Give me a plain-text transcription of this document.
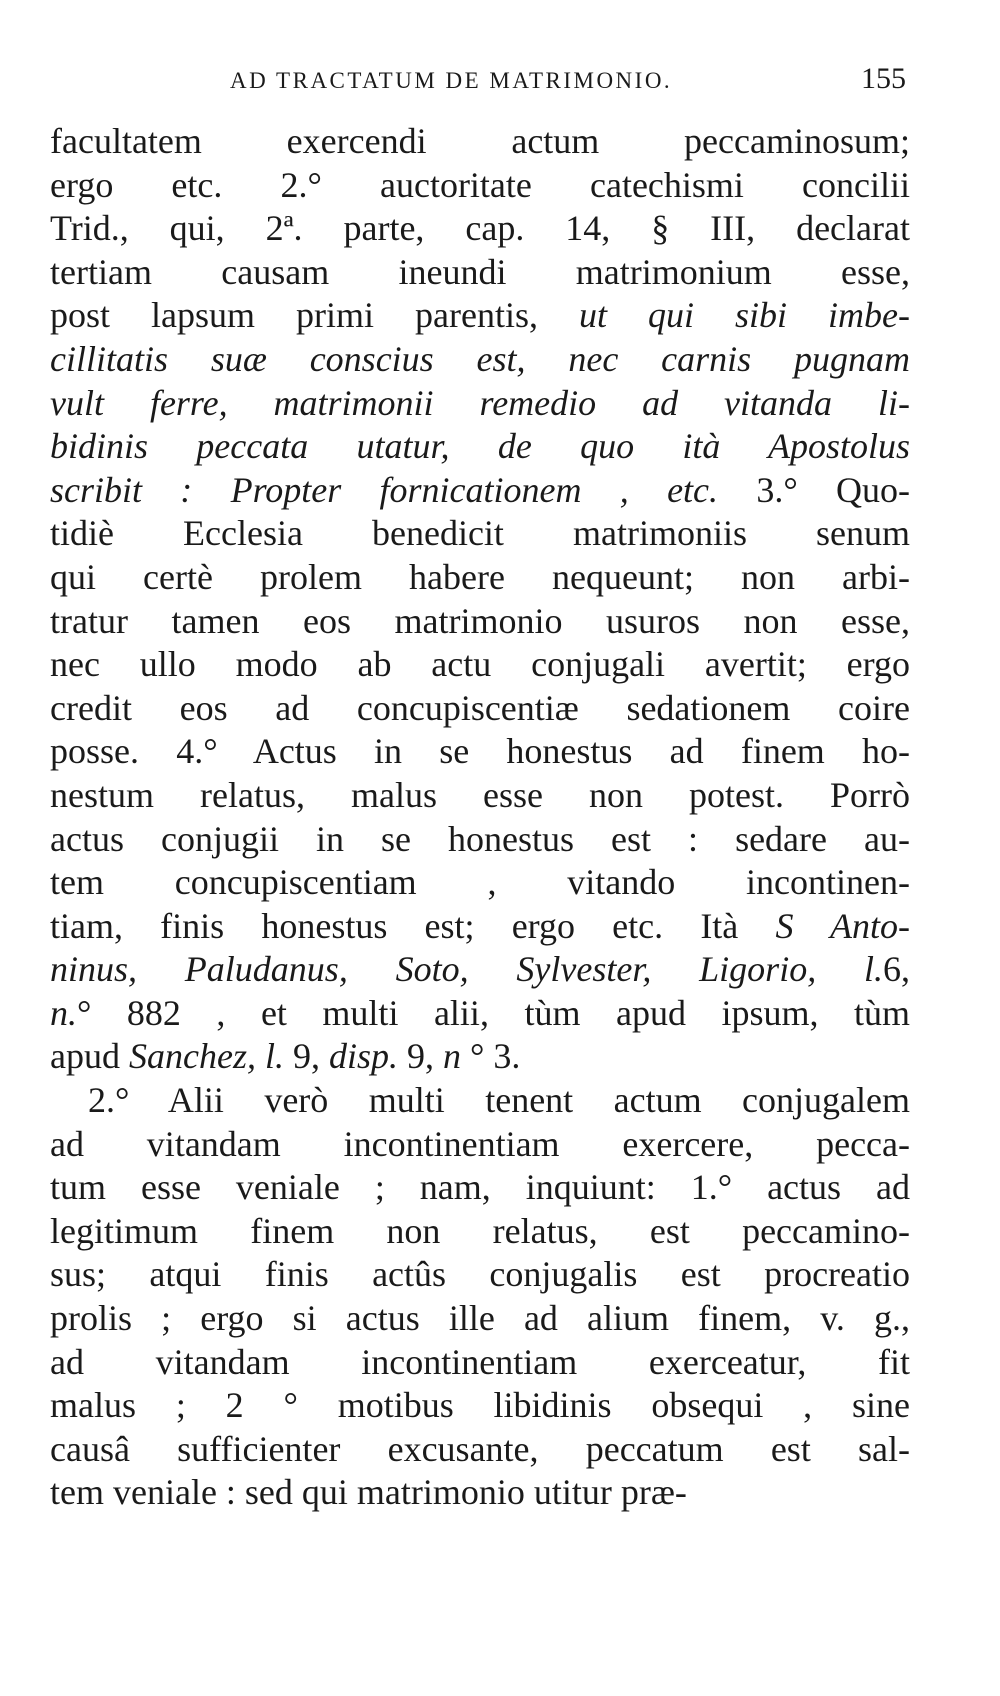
AD TRACTATUM DE MATRIMONIO.	155
facultatem exercendi actum peccaminosum;
ergo etc. 2.° auctoritate catechismi concilii
Trid., qui, 2ª. parte, cap. 14, § III, declarat
tertiam causam ineundi matrimonium esse,
post lapsum primi parentis, ut qui sibi imbe-
cillitatis suæ conscius est, nec carnis pugnam
vult ferre, matrimonii remedio ad vitanda li-
bidinis peccata utatur, de quo ità Apostolus
scribit : Propter fornicationem , etc. 3.° Quo-
tidiè Ecclesia benedicit matrimoniis senum
qui certè prolem habere nequeunt; non arbi-
tratur tamen eos matrimonio usuros non esse,
nec ullo modo ab actu conjugali avertit; ergo
credit eos ad concupiscentiæ sedationem coire
posse. 4.° Actus in se honestus ad finem ho-
nestum relatus, malus esse non potest. Porrò
actus conjugii in se honestus est : sedare au-
tem concupiscentiam , vitando incontinen-
tiam, finis honestus est; ergo etc. Ità S Anto-
ninus, Paludanus, Soto, Sylvester, Ligorio, l.6,
n.° 882 , et multi alii, tùm apud ipsum, tùm
apud Sanchez, l. 9, disp. 9, n ° 3.
2.° Alii verò multi tenent actum conjugalem
ad vitandam incontinentiam exercere, pecca-
tum esse veniale ; nam, inquiunt: 1.° actus ad
legitimum finem non relatus, est peccamino-
sus; atqui finis actûs conjugalis est procreatio
prolis ; ergo si actus ille ad alium finem, v. g.,
ad vitandam incontinentiam exerceatur, fit
malus ; 2 ° motibus libidinis obsequi , sine
causâ sufficienter excusante, peccatum est sal-
tem veniale : sed qui matrimonio utitur præ-
